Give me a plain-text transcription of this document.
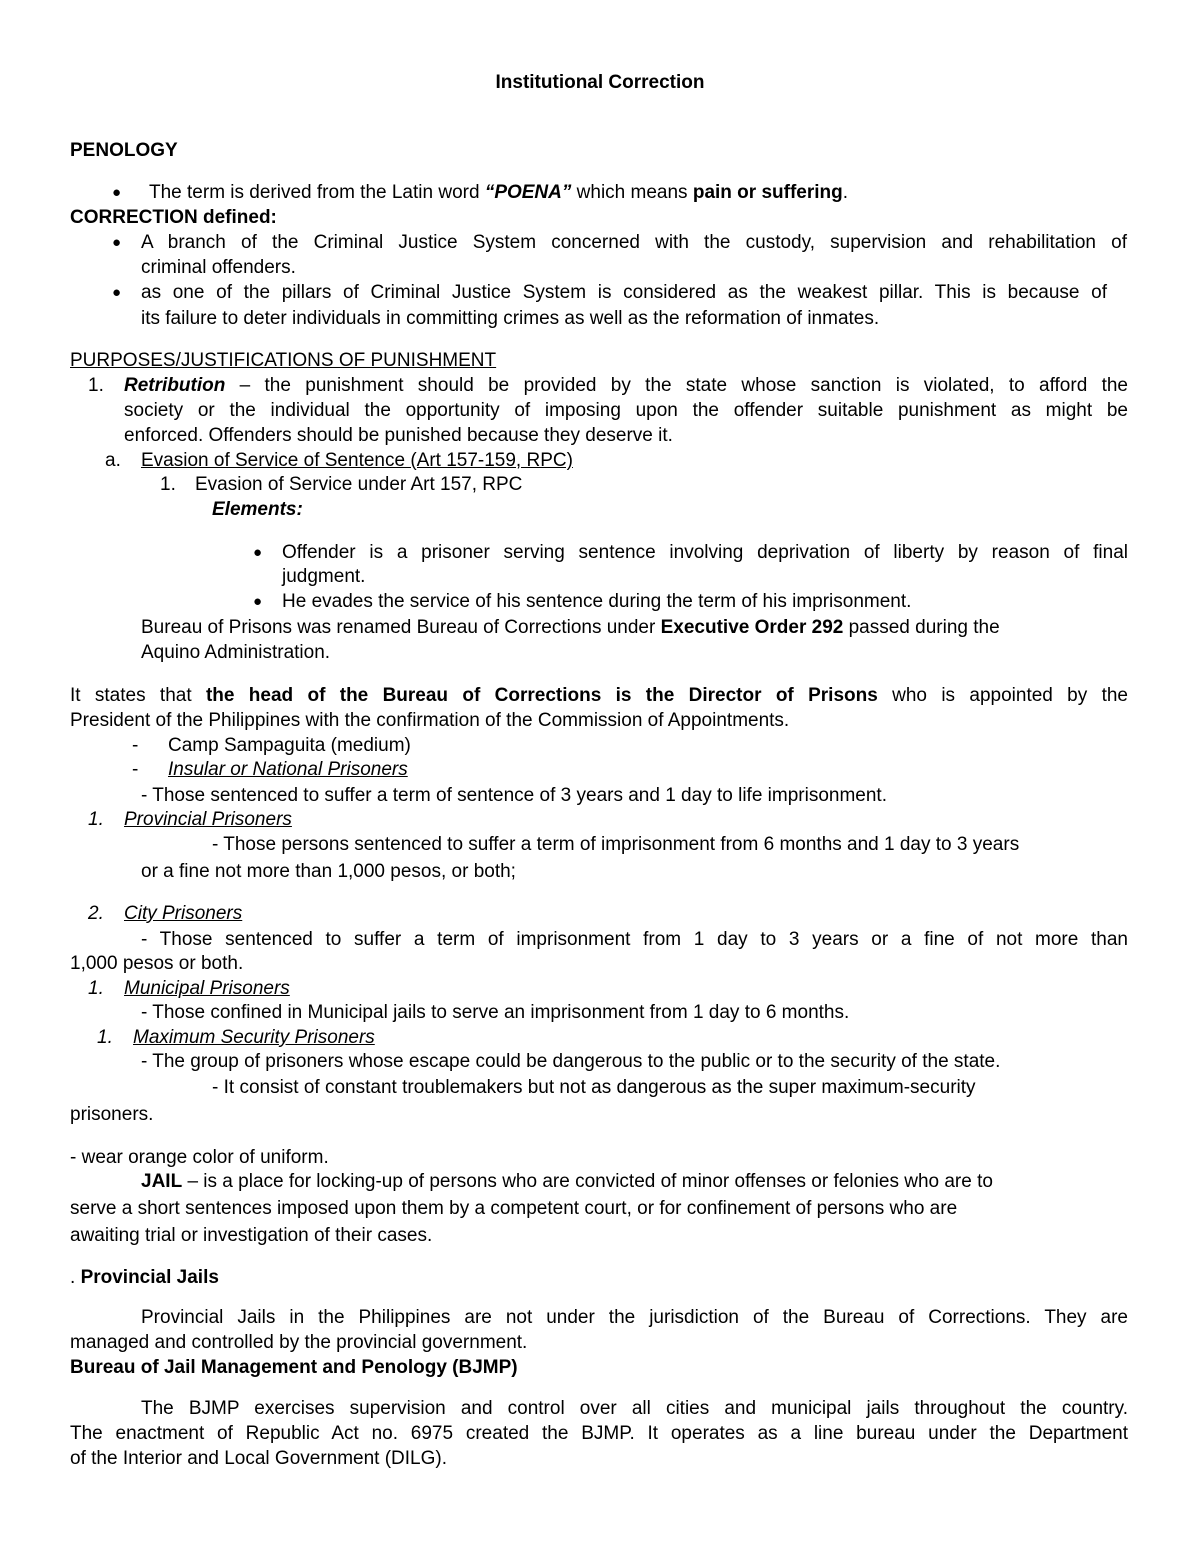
Institutional Correction
PENOLOGY
● The term is derived from the Latin word “POENA” which means pain or suffering.
CORRECTION defined:
● A branch of the Criminal Justice System concerned with the custody, supervision and rehabilitation of
criminal offenders.
● as one of the pillars of Criminal Justice System is considered as the weakest pillar. This is because of
its failure to deter individuals in committing crimes as well as the reformation of inmates.
PURPOSES/JUSTIFICATIONS OF PUNISHMENT
1. Retribution – the punishment should be provided by the state whose sanction is violated, to afford the
society or the individual the opportunity of imposing upon the offender suitable punishment as might be
enforced. Offenders should be punished because they deserve it.
a. Evasion of Service of Sentence (Art 157-159, RPC)
1. Evasion of Service under Art 157, RPC
Elements:
● Offender is a prisoner serving sentence involving deprivation of liberty by reason of final
judgment.
● He evades the service of his sentence during the term of his imprisonment.
Bureau of Prisons was renamed Bureau of Corrections under Executive Order 292 passed during the
Aquino Administration.
It states that the head of the Bureau of Corrections is the Director of Prisons who is appointed by the
President of the Philippines with the confirmation of the Commission of Appointments.
- Camp Sampaguita (medium)
- Insular or National Prisoners
- Those sentenced to suffer a term of sentence of 3 years and 1 day to life imprisonment.
1. Provincial Prisoners
- Those persons sentenced to suffer a term of imprisonment from 6 months and 1 day to 3 years
or a fine not more than 1,000 pesos, or both;
2. City Prisoners
- Those sentenced to suffer a term of imprisonment from 1 day to 3 years or a fine of not more than
1,000 pesos or both.
1. Municipal Prisoners
- Those confined in Municipal jails to serve an imprisonment from 1 day to 6 months.
1. Maximum Security Prisoners
- The group of prisoners whose escape could be dangerous to the public or to the security of the state.
- It consist of constant troublemakers but not as dangerous as the super maximum-security
prisoners.
- wear orange color of uniform.
JAIL – is a place for locking-up of persons who are convicted of minor offenses or felonies who are to
serve a short sentences imposed upon them by a competent court, or for confinement of persons who are
awaiting trial or investigation of their cases.
. Provincial Jails
Provincial Jails in the Philippines are not under the jurisdiction of the Bureau of Corrections. They are
managed and controlled by the provincial government.
Bureau of Jail Management and Penology (BJMP)
The BJMP exercises supervision and control over all cities and municipal jails throughout the country.
The enactment of Republic Act no. 6975 created the BJMP. It operates as a line bureau under the Department
of the Interior and Local Government (DILG).
